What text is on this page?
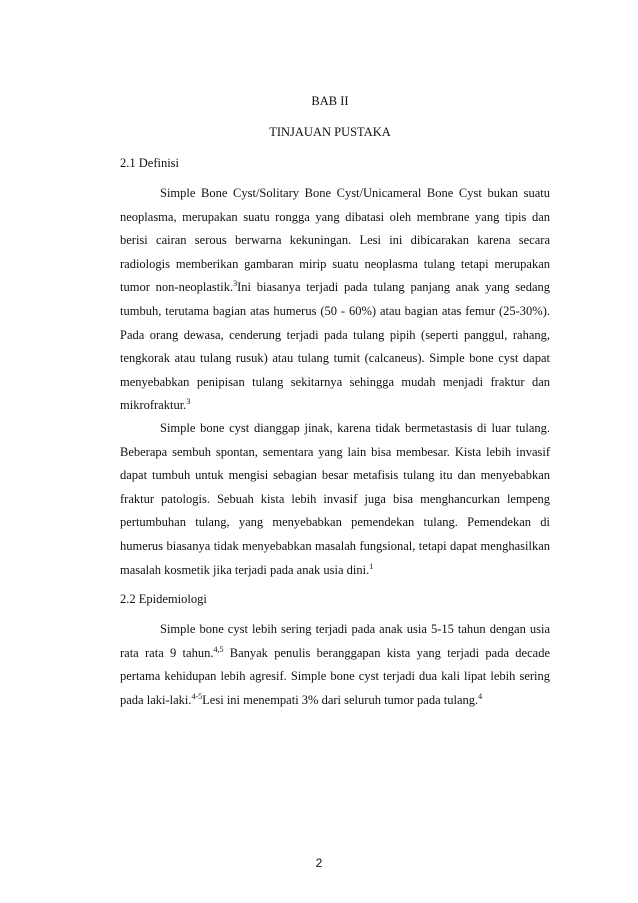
BAB II
TINJAUAN PUSTAKA
2.1 Definisi

Simple Bone Cyst/Solitary Bone Cyst/Unicameral Bone Cyst bukan suatu neoplasma, merupakan suatu rongga yang dibatasi oleh membrane yang tipis dan berisi cairan serous berwarna kekuningan. Lesi ini dibicarakan karena secara radiologis memberikan gambaran mirip suatu neoplasma tulang tetapi merupakan tumor non-neoplastik.$^3$Ini biasanya terjadi pada tulang panjang anak yang sedang tumbuh, terutama bagian atas humerus (50 - 60%) atau bagian atas femur (25-30%). Pada orang dewasa, cenderung terjadi pada tulang pipih (seperti panggul, rahang, tengkorak atau tulang rusuk) atau tulang tumit (calcaneus). Simple bone cyst dapat menyebabkan penipisan tulang sekitarnya sehingga mudah menjadi fraktur dan mikrofraktur.$^3$

Simple bone cyst dianggap jinak, karena tidak bermetastasis di luar tulang. Beberapa sembuh spontan, sementara yang lain bisa membesar. Kista lebih invasif dapat tumbuh untuk mengisi sebagian besar metafisis tulang itu dan menyebabkan fraktur patologis. Sebuah kista lebih invasif juga bisa menghancurkan lempeng pertumbuhan tulang, yang menyebabkan pemendekan tulang. Pemendekan di humerus biasanya tidak menyebabkan masalah fungsional, tetapi dapat menghasilkan masalah kosmetik jika terjadi pada anak usia dini.$^1$

2.2 Epidemiologi

Simple bone cyst lebih sering terjadi pada anak usia 5-15 tahun dengan usia rata rata 9 tahun.$^{4,5}$ Banyak penulis beranggapan kista yang terjadi pada decade pertama kehidupan lebih agresif. Simple bone cyst terjadi dua kali lipat lebih sering pada laki-laki.$^{4-5}$Lesi ini menempati 3% dari seluruh tumor pada tulang.$^4$

2
